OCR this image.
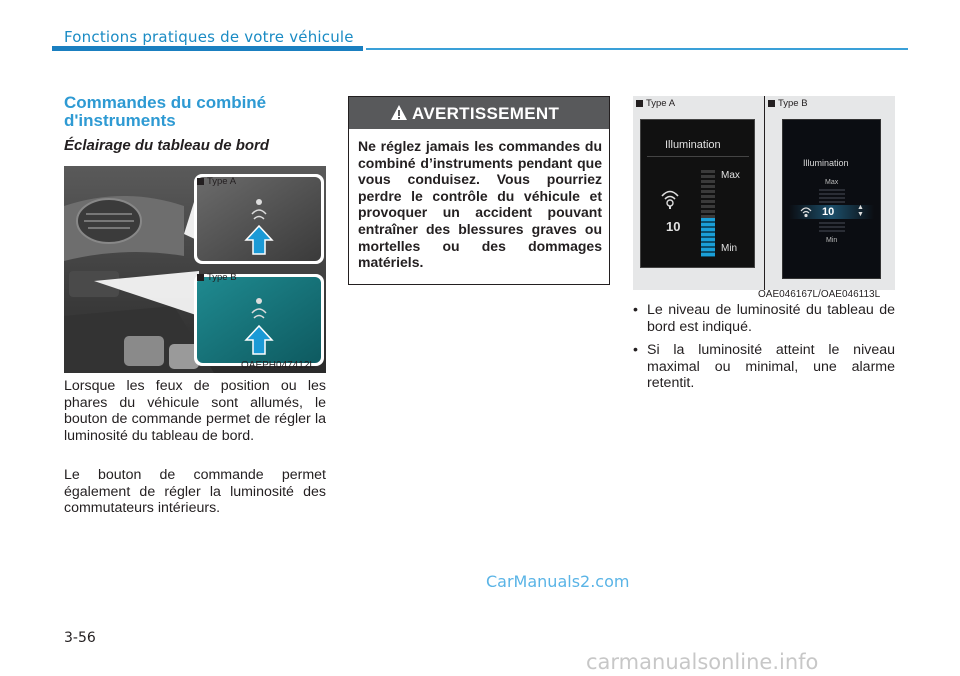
Fonctions pratiques de votre véhicule
Commandes du combiné d'instruments
Éclairage du tableau de bord
Type A
Type B
OAEPH047412L
Lorsque les feux de position ou les phares du véhicule sont allumés, le bouton de commande permet de régler la luminosité du tableau de bord.
Le bouton de commande permet également de régler la luminosité des commutateurs intérieurs.
AVERTISSEMENT
Ne réglez jamais les commandes du combiné d’instruments pendant que vous conduisez. Vous pourriez perdre le contrôle du véhicule et provoquer un accident pouvant entraîner des blessures graves ou mortelles ou des dommages matériels.
Type A	Type B
Illumination
10
Max
Min
Illumination
Max
10	▲
▼
Min
OAE046167L/OAE046113L
• Le niveau de luminosité du tableau de bord est indiqué.
• Si la luminosité atteint le niveau maximal ou minimal, une alarme retentit.
CarManuals2.com
3-56
carmanualsonline.info
